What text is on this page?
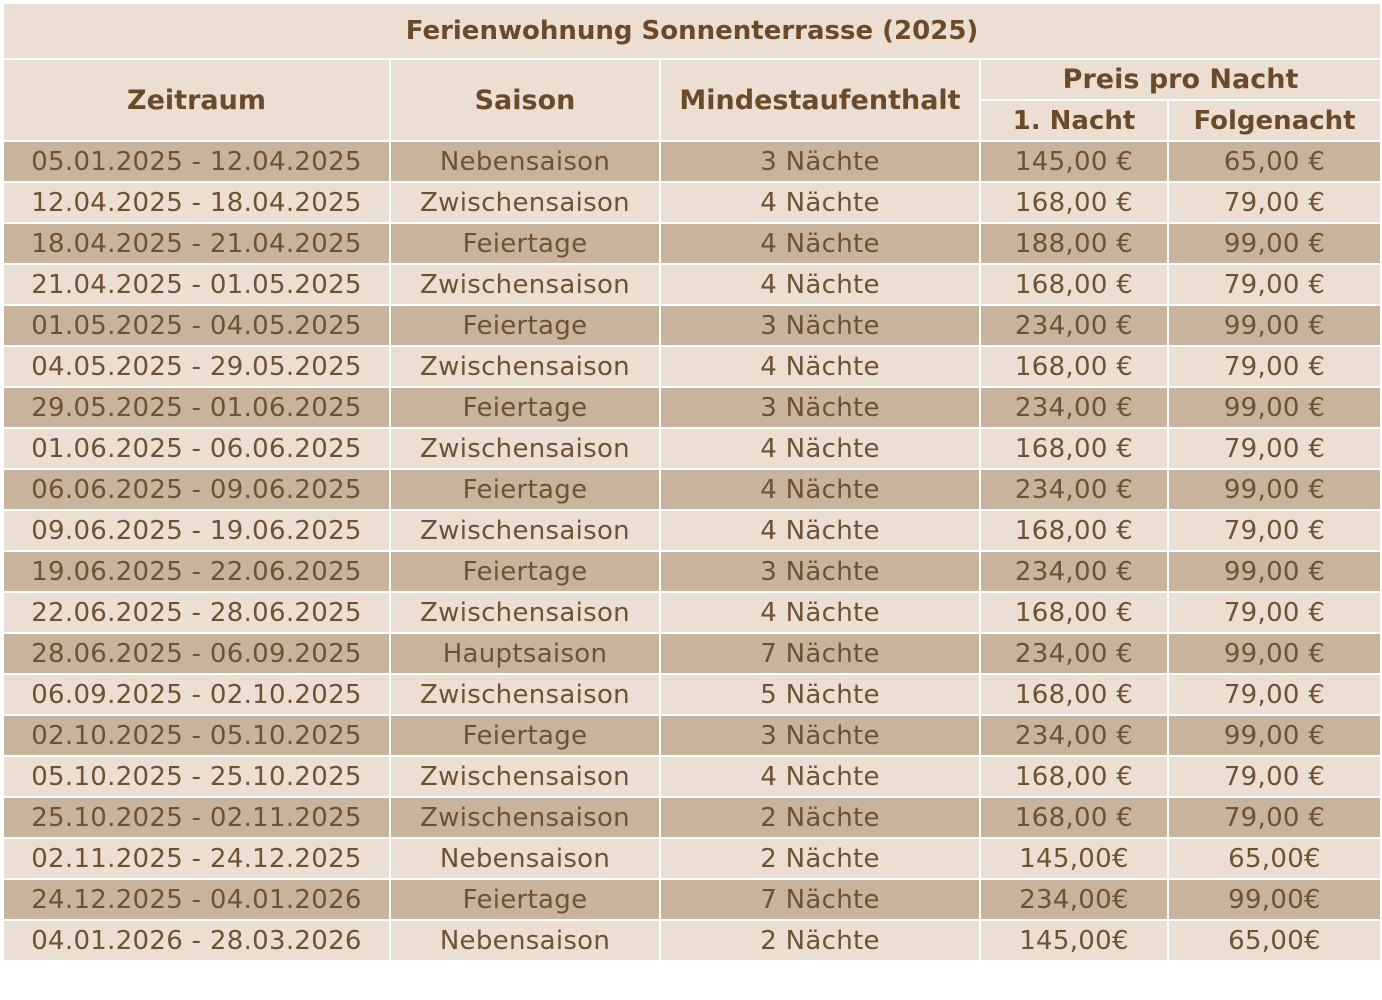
Ferienwohnung Sonnenterrasse (2025)				
Zeitraum	Saison	Mindestaufenthalt	Preis pro Nacht	
			1. Nacht	Folgenacht
05.01.2025 - 12.04.2025	Nebensaison	3 Nächte	145,00 €	65,00 €
12.04.2025 - 18.04.2025	Zwischensaison	4 Nächte	168,00 €	79,00 €
18.04.2025 - 21.04.2025	Feiertage	4 Nächte	188,00 €	99,00 €
21.04.2025 - 01.05.2025	Zwischensaison	4 Nächte	168,00 €	79,00 €
01.05.2025 - 04.05.2025	Feiertage	3 Nächte	234,00 €	99,00 €
04.05.2025 - 29.05.2025	Zwischensaison	4 Nächte	168,00 €	79,00 €
29.05.2025 - 01.06.2025	Feiertage	3 Nächte	234,00 €	99,00 €
01.06.2025 - 06.06.2025	Zwischensaison	4 Nächte	168,00 €	79,00 €
06.06.2025 - 09.06.2025	Feiertage	4 Nächte	234,00 €	99,00 €
09.06.2025 - 19.06.2025	Zwischensaison	4 Nächte	168,00 €	79,00 €
19.06.2025 - 22.06.2025	Feiertage	3 Nächte	234,00 €	99,00 €
22.06.2025 - 28.06.2025	Zwischensaison	4 Nächte	168,00 €	79,00 €
28.06.2025 - 06.09.2025	Hauptsaison	7 Nächte	234,00 €	99,00 €
06.09.2025 - 02.10.2025	Zwischensaison	5 Nächte	168,00 €	79,00 €
02.10.2025 - 05.10.2025	Feiertage	3 Nächte	234,00 €	99,00 €
05.10.2025 - 25.10.2025	Zwischensaison	4 Nächte	168,00 €	79,00 €
25.10.2025 - 02.11.2025	Zwischensaison	2 Nächte	168,00 €	79,00 €
02.11.2025 - 24.12.2025	Nebensaison	2 Nächte	145,00€	65,00€
24.12.2025 - 04.01.2026	Feiertage	7 Nächte	234,00€	99,00€
04.01.2026 - 28.03.2026	Nebensaison	2 Nächte	145,00€	65,00€
